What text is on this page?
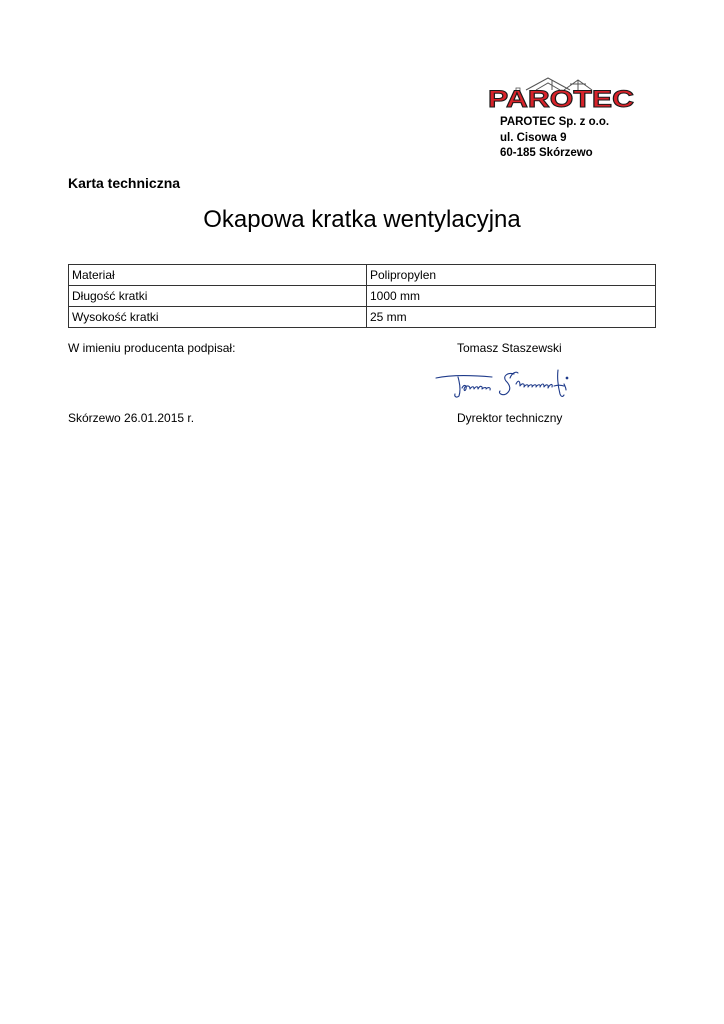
PAROTEC
PAROTEC Sp. z o.o.
ul. Cisowa 9
60-185 Skórzewo
Karta techniczna
Okapowa kratka wentylacyjna
Materiał	Polipropylen
Długość kratki	1000 mm
Wysokość kratki	25 mm
W imieniu producenta podpisał:	Tomasz Staszewski
Skórzewo 26.01.2015 r.	Dyrektor techniczny
